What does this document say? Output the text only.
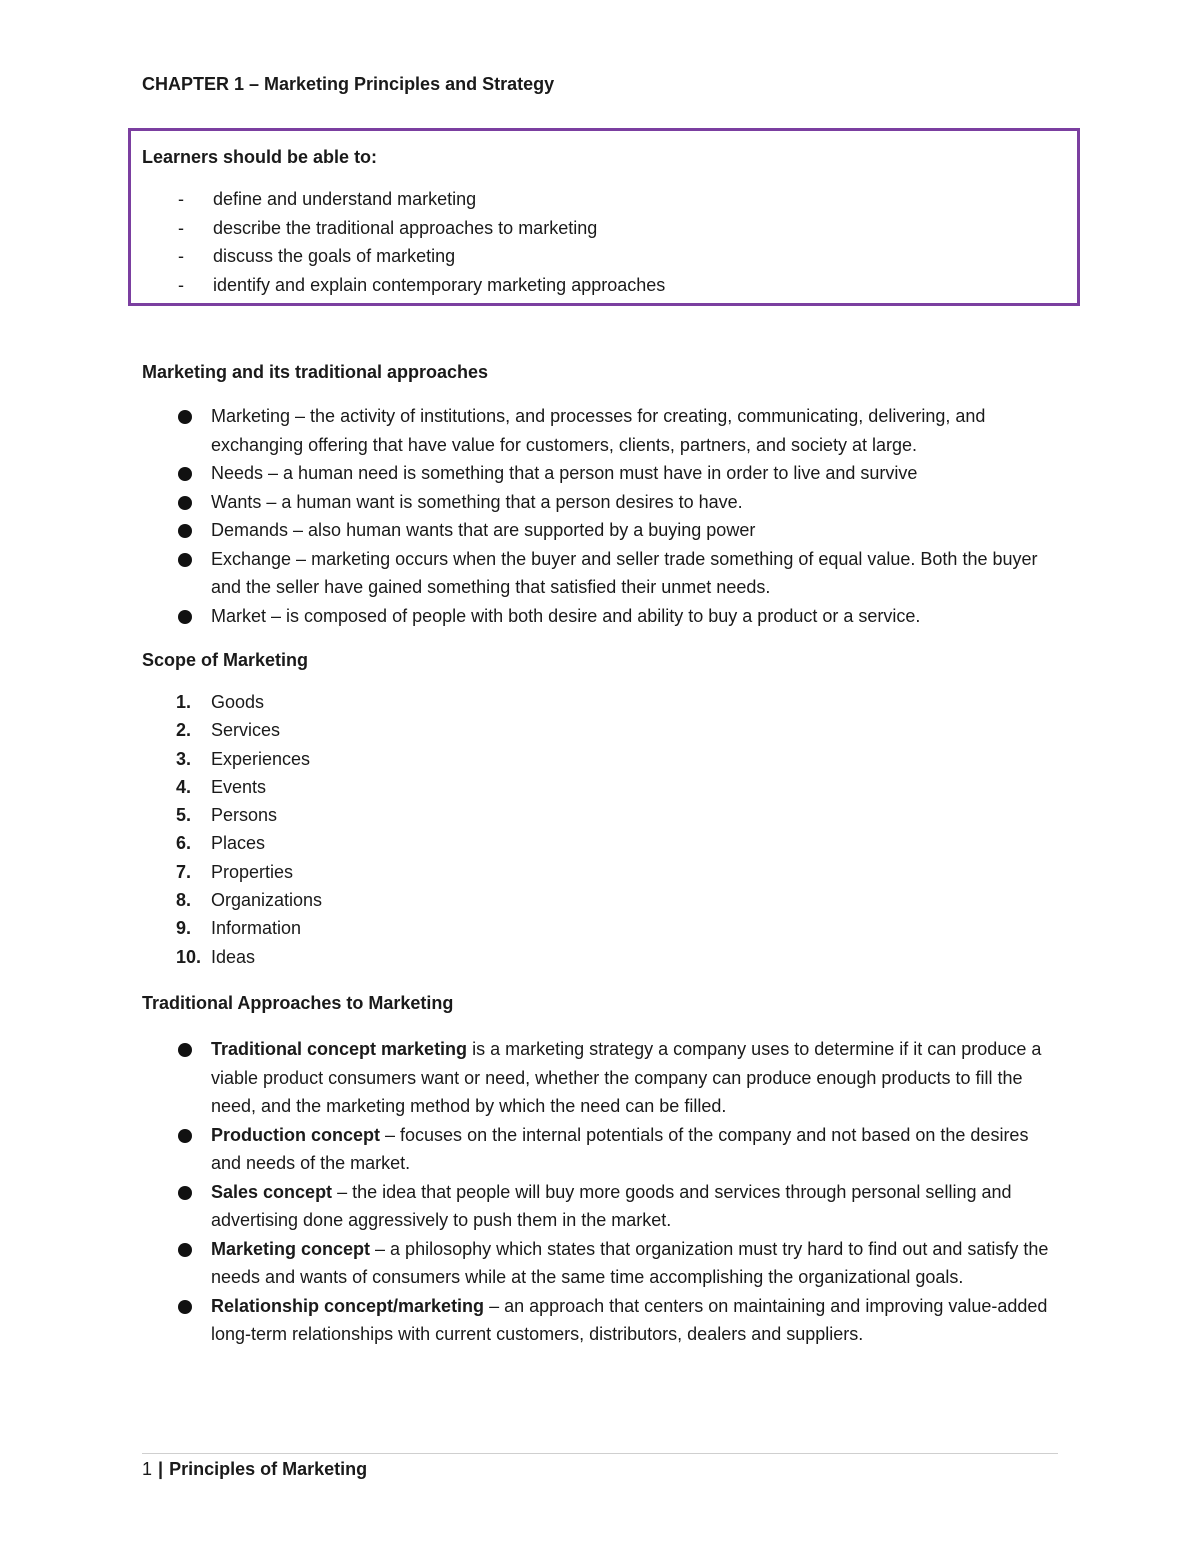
CHAPTER 1 – Marketing Principles and Strategy
Learners should be able to:
- define and understand marketing
- describe the traditional approaches to marketing
- discuss the goals of marketing
- identify and explain contemporary marketing approaches
Marketing and its traditional approaches
Marketing – the activity of institutions, and processes for creating, communicating, delivering, and exchanging offering that have value for customers, clients, partners, and society at large.
Needs – a human need is something that a person must have in order to live and survive
Wants – a human want is something that a person desires to have.
Demands – also human wants that are supported by a buying power
Exchange – marketing occurs when the buyer and seller trade something of equal value. Both the buyer and the seller have gained something that satisfied their unmet needs.
Market – is composed of people with both desire and ability to buy a product or a service.
Scope of Marketing
1. Goods
2. Services
3. Experiences
4. Events
5. Persons
6. Places
7. Properties
8. Organizations
9. Information
10. Ideas
Traditional Approaches to Marketing
Traditional concept marketing is a marketing strategy a company uses to determine if it can produce a viable product consumers want or need, whether the company can produce enough products to fill the need, and the marketing method by which the need can be filled.
Production concept – focuses on the internal potentials of the company and not based on the desires and needs of the market.
Sales concept – the idea that people will buy more goods and services through personal selling and advertising done aggressively to push them in the market.
Marketing concept – a philosophy which states that organization must try hard to find out and satisfy the needs and wants of consumers while at the same time accomplishing the organizational goals.
Relationship concept/marketing – an approach that centers on maintaining and improving value-added long-term relationships with current customers, distributors, dealers and suppliers.
1 | Principles of Marketing
